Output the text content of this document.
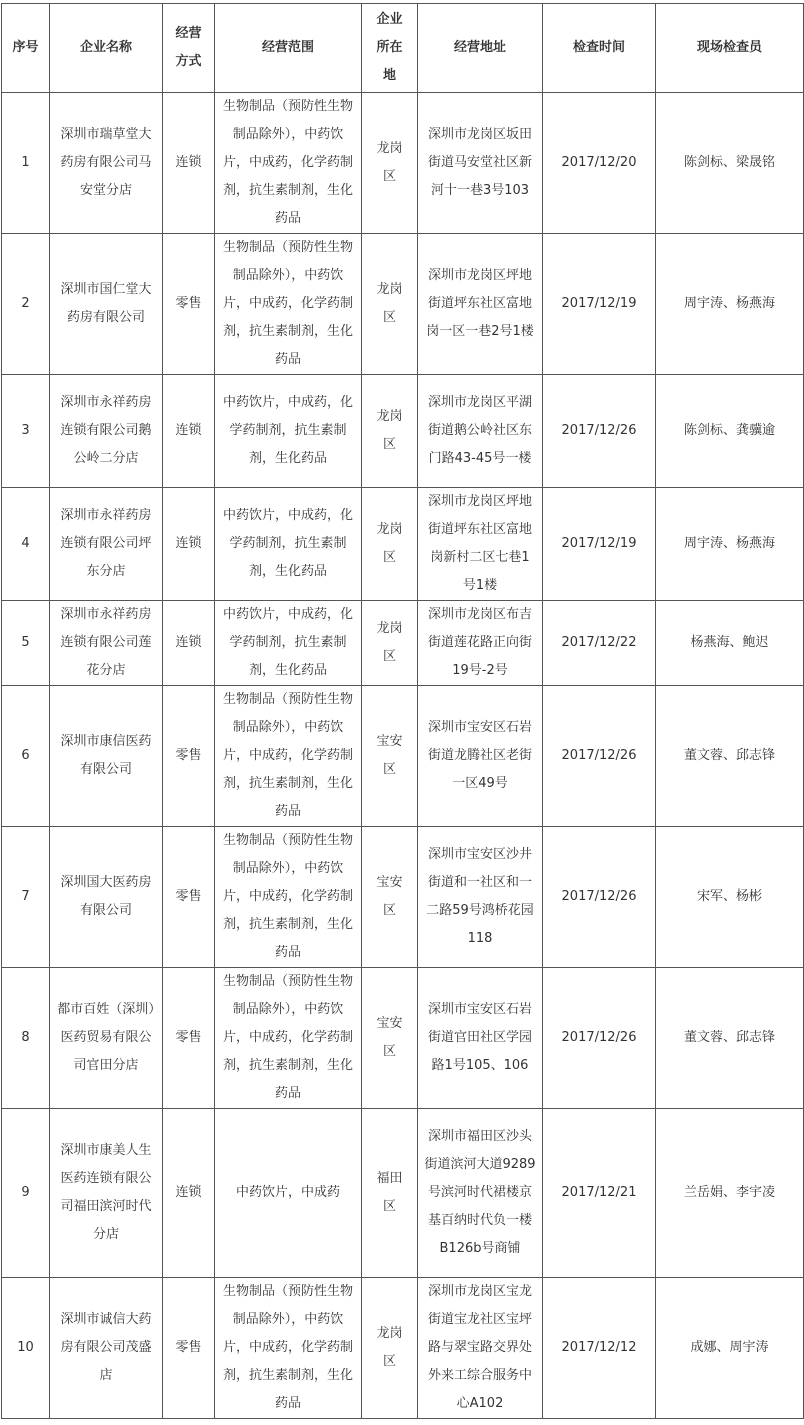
序号	企业名称	经营方式	经营范围	企业所在地	经营地址	检查时间	现场检查员
1	深圳市瑞草堂大药房有限公司马安堂分店	连锁	生物制品（预防性生物制品除外），中药饮片，中成药，化学药制剂，抗生素制剂，生化药品	龙岗区	深圳市龙岗区坂田街道马安堂社区新河十一巷3号103	2017/12/20	陈剑标、梁晟铭
2	深圳市国仁堂大药房有限公司	零售	生物制品（预防性生物制品除外），中药饮片，中成药，化学药制剂，抗生素制剂，生化药品	龙岗区	深圳市龙岗区坪地街道坪东社区富地岗一区一巷2号1楼	2017/12/19	周宇涛、杨燕海
3	深圳市永祥药房连锁有限公司鹅公岭二分店	连锁	中药饮片，中成药，化学药制剂，抗生素制剂，生化药品	龙岗区	深圳市龙岗区平湖街道鹅公岭社区东门路43-45号一楼	2017/12/26	陈剑标、龚骥逾
4	深圳市永祥药房连锁有限公司坪东分店	连锁	中药饮片，中成药，化学药制剂，抗生素制剂，生化药品	龙岗区	深圳市龙岗区坪地街道坪东社区富地岗新村二区七巷1号1楼	2017/12/19	周宇涛、杨燕海
5	深圳市永祥药房连锁有限公司莲花分店	连锁	中药饮片，中成药，化学药制剂，抗生素制剂，生化药品	龙岗区	深圳市龙岗区布吉街道莲花路正向街19号-2号	2017/12/22	杨燕海、鲍迟
6	深圳市康信医药有限公司	零售	生物制品（预防性生物制品除外），中药饮片，中成药，化学药制剂，抗生素制剂，生化药品	宝安区	深圳市宝安区石岩街道龙腾社区老街一区49号	2017/12/26	董文蓉、邱志锋
7	深圳国大医药房有限公司	零售	生物制品（预防性生物制品除外），中药饮片，中成药，化学药制剂，抗生素制剂，生化药品	宝安区	深圳市宝安区沙井街道和一社区和一二路59号鸿桥花园118	2017/12/26	宋军、杨彬
8	都市百姓（深圳）医药贸易有限公司官田分店	零售	生物制品（预防性生物制品除外），中药饮片，中成药，化学药制剂，抗生素制剂，生化药品	宝安区	深圳市宝安区石岩街道官田社区学园路1号105、106	2017/12/26	董文蓉、邱志锋
9	深圳市康美人生医药连锁有限公司福田滨河时代分店	连锁	中药饮片，中成药	福田区	深圳市福田区沙头街道滨河大道9289号滨河时代裙楼京基百纳时代负一楼B126b号商铺	2017/12/21	兰岳娟、李宇凌
10	深圳市诚信大药房有限公司茂盛店	零售	生物制品（预防性生物制品除外），中药饮片，中成药，化学药制剂，抗生素制剂，生化药品	龙岗区	深圳市龙岗区宝龙街道宝龙社区宝坪路与翠宝路交界处外来工综合服务中心A102	2017/12/12	成娜、周宇涛
